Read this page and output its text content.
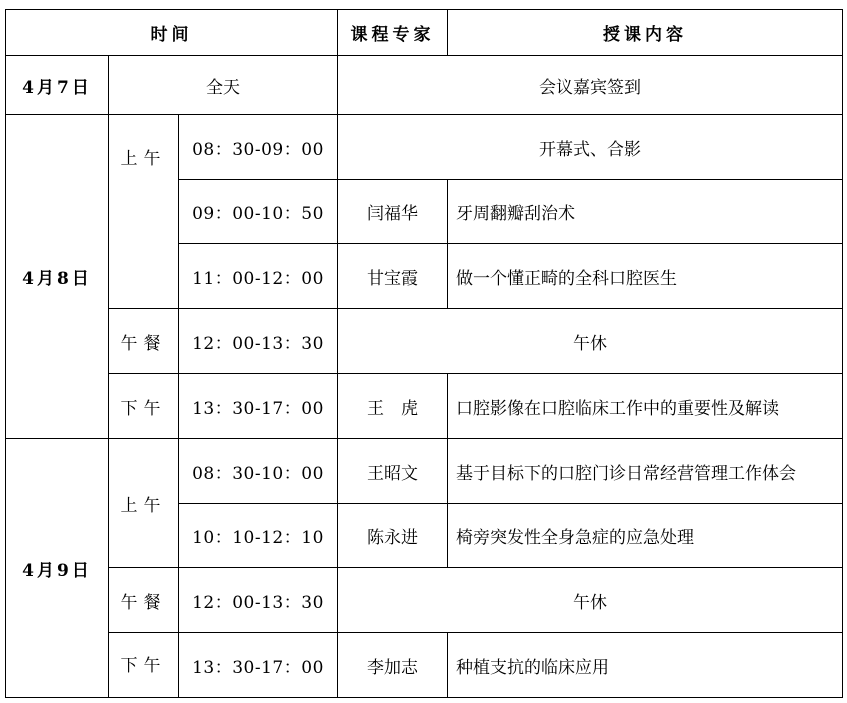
时间			课程专家	授课内容
4月7日	全天		会议嘉宾签到	
4月8日	上午	08：30-09：00	开幕式、合影	
		09：00-10：50	闫福华	牙周翻瓣刮治术
		11：00-12：00	甘宝霞	做一个懂正畸的全科口腔医生
	午餐	12：00-13：30	午休	
	下午	13：30-17：00	王　虎	口腔影像在口腔临床工作中的重要性及解读
4月9日	上午	08：30-10：00	王昭文	基于目标下的口腔门诊日常经营管理工作体会
		10：10-12：10	陈永进	椅旁突发性全身急症的应急处理
	午餐	12：00-13：30	午休	
	下午	13：30-17：00	李加志	种植支抗的临床应用
